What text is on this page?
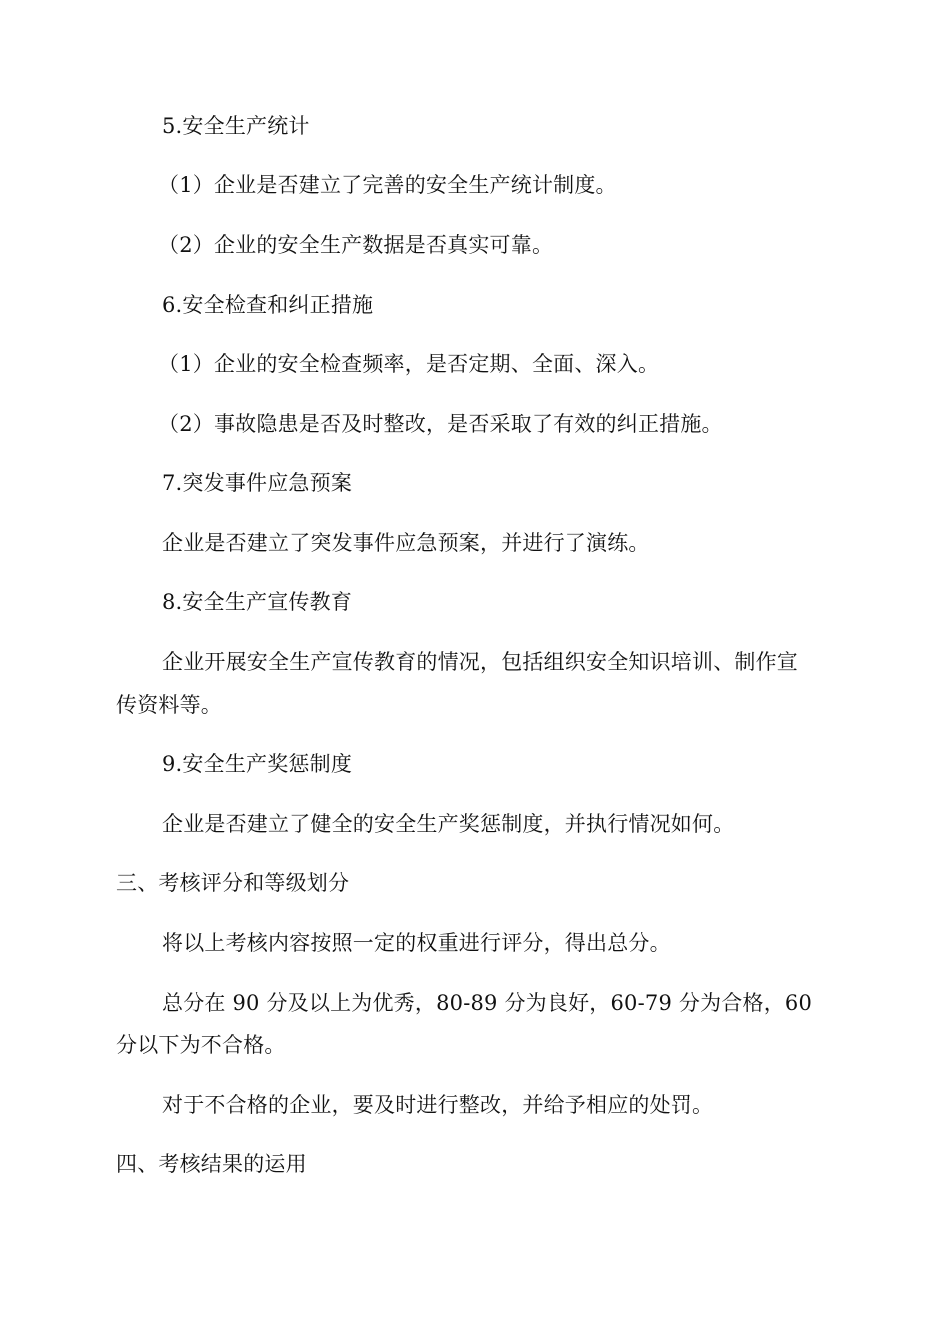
5.安全生产统计
（1）企业是否建立了完善的安全生产统计制度。
（2）企业的安全生产数据是否真实可靠。
6.安全检查和纠正措施
（1）企业的安全检查频率，是否定期、全面、深入。
（2）事故隐患是否及时整改，是否采取了有效的纠正措施。
7.突发事件应急预案
企业是否建立了突发事件应急预案，并进行了演练。
8.安全生产宣传教育
企业开展安全生产宣传教育的情况，包括组织安全知识培训、制作宣
传资料等。
9.安全生产奖惩制度
企业是否建立了健全的安全生产奖惩制度，并执行情况如何。
三、考核评分和等级划分
将以上考核内容按照一定的权重进行评分，得出总分。
总分在 90 分及以上为优秀，80-89 分为良好，60-79 分为合格，60
分以下为不合格。
对于不合格的企业，要及时进行整改，并给予相应的处罚。
四、考核结果的运用
